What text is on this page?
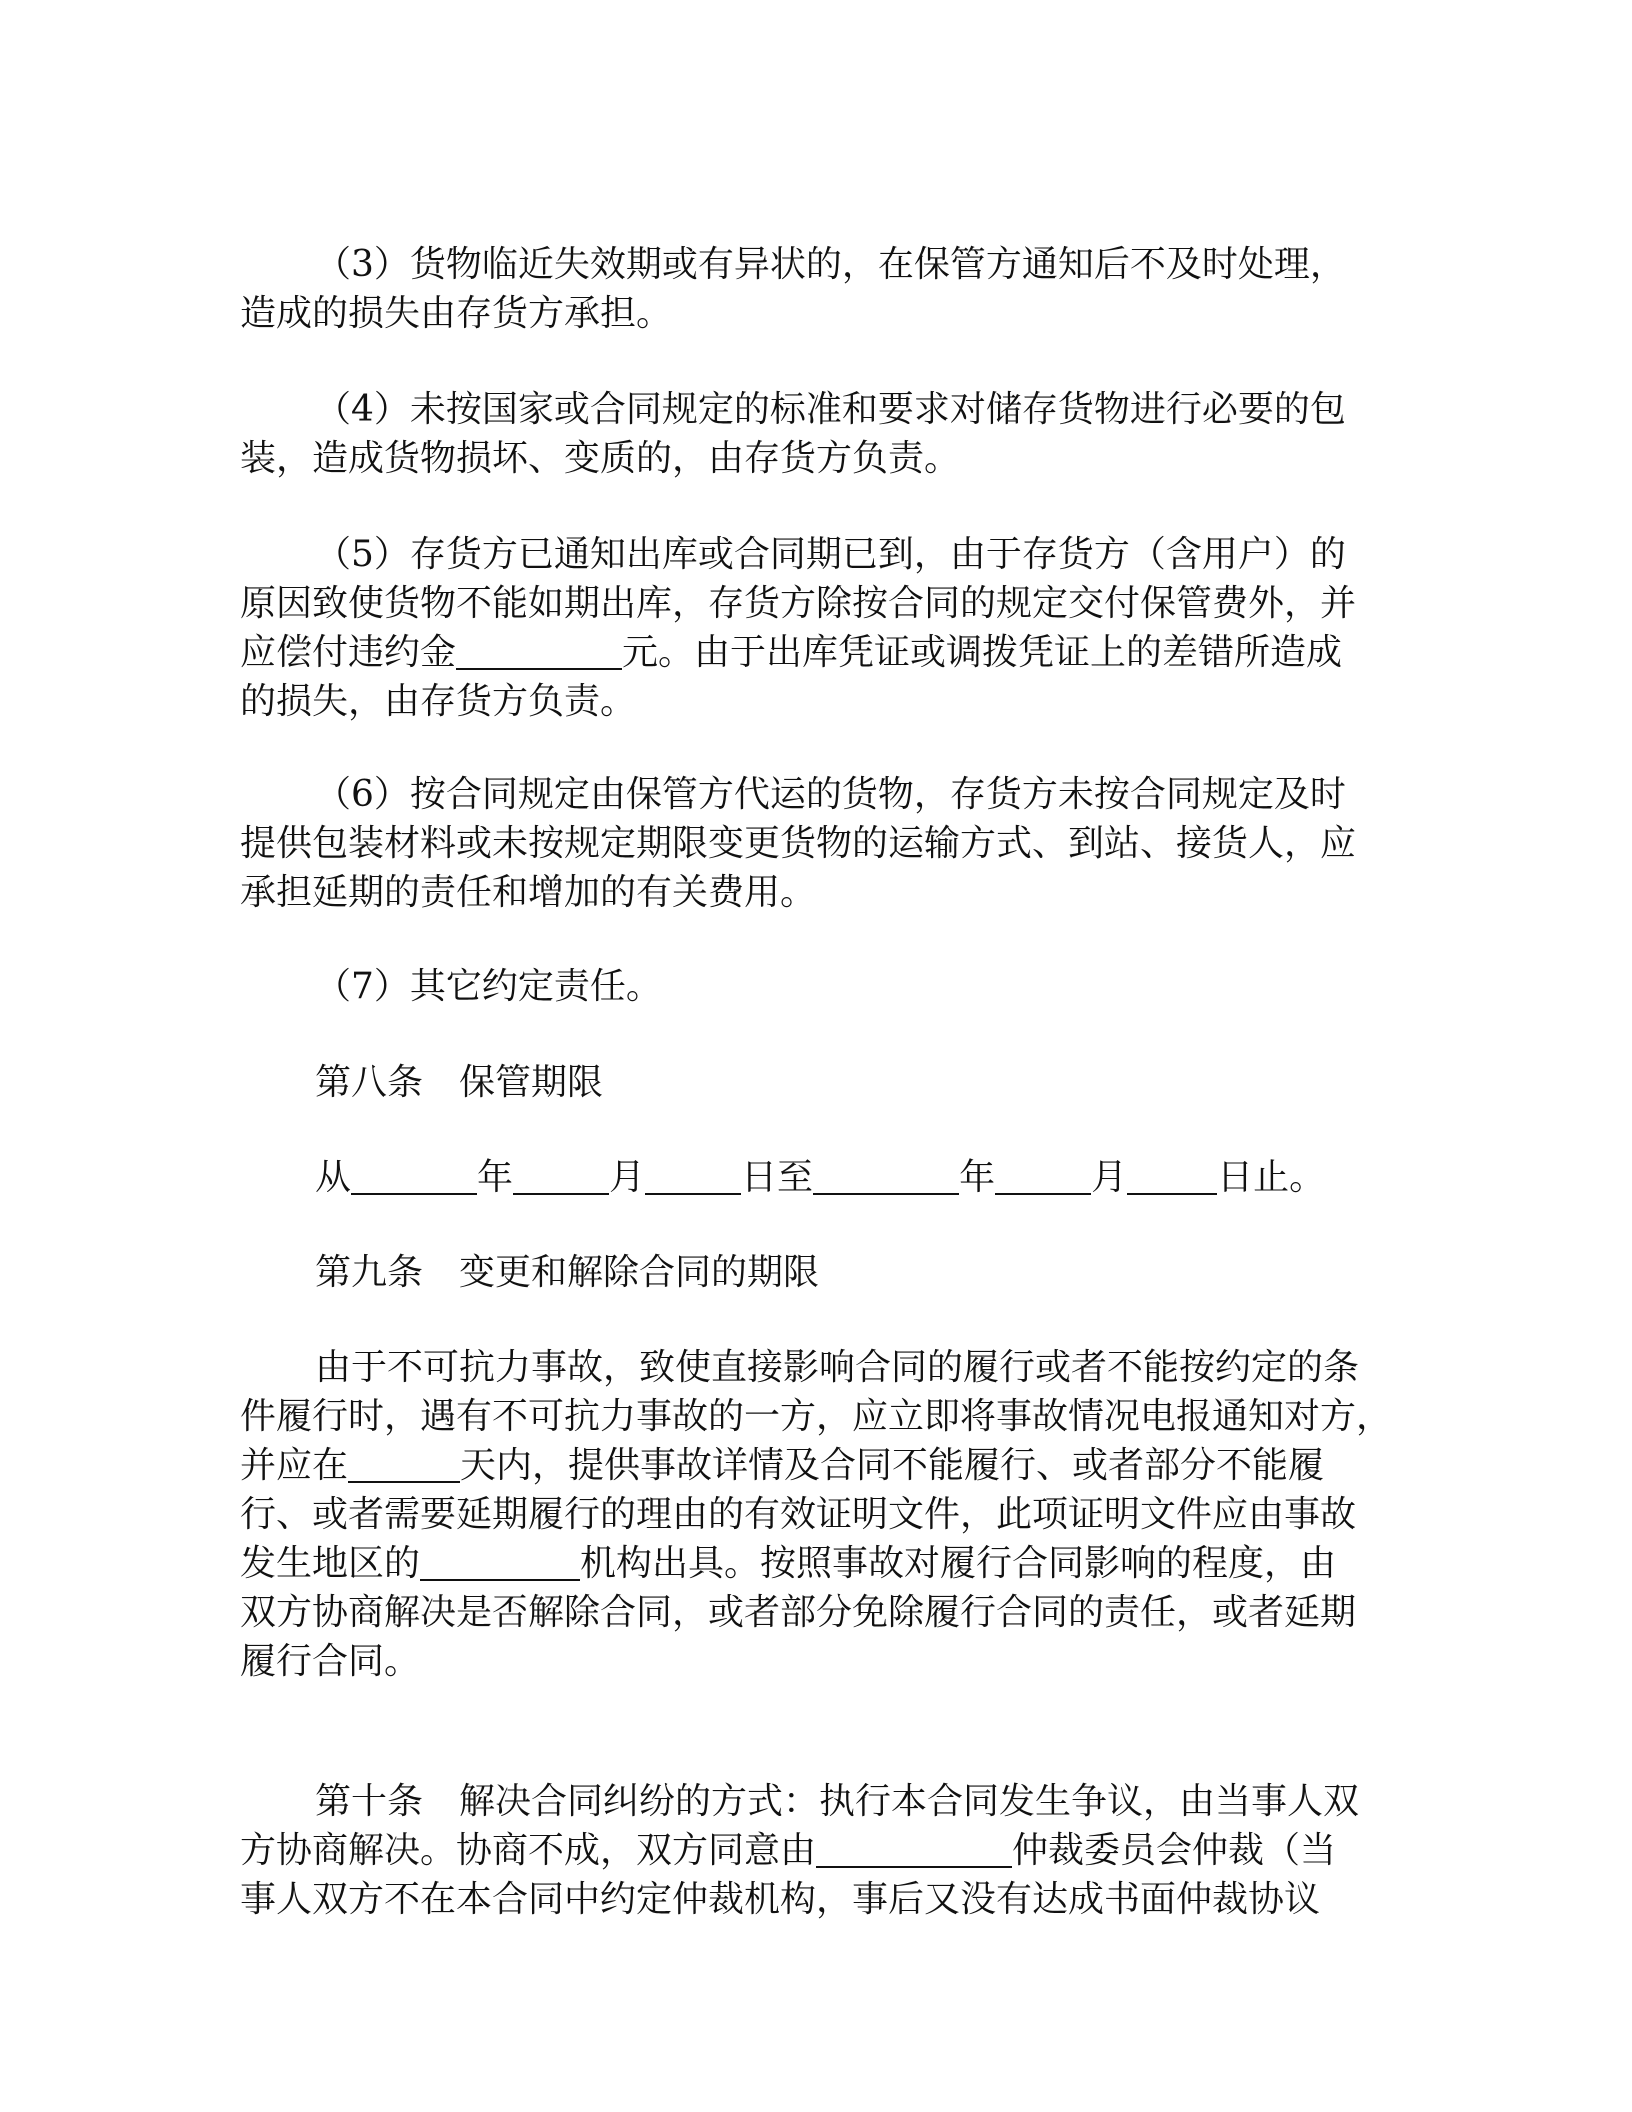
（3）货物临近失效期或有异状的，在保管方通知后不及时处理，
造成的损失由存货方承担。
（4）未按国家或合同规定的标准和要求对储存货物进行必要的包
装，造成货物损坏、变质的，由存货方负责。
（5）存货方已通知出库或合同期已到，由于存货方（含用户）的
原因致使货物不能如期出库，存货方除按合同的规定交付保管费外，并
应偿付违约金	元。由于出库凭证或调拨凭证上的差错所造成
的损失，由存货方负责。
（6）按合同规定由保管方代运的货物，存货方未按合同规定及时
提供包装材料或未按规定期限变更货物的运输方式、到站、接货人，应
承担延期的责任和增加的有关费用。
（7）其它约定责任。
第八条 保管期限
从	年	月	日至	年	月	日止。
第九条 变更和解除合同的期限
由于不可抗力事故，致使直接影响合同的履行或者不能按约定的条
件履行时，遇有不可抗力事故的一方，应立即将事故情况电报通知对方，
并应在	天内，提供事故详情及合同不能履行、或者部分不能履
行、或者需要延期履行的理由的有效证明文件，此项证明文件应由事故
发生地区的	机构出具。按照事故对履行合同影响的程度，由
双方协商解决是否解除合同，或者部分免除履行合同的责任，或者延期
履行合同。
第十条 解决合同纠纷的方式：执行本合同发生争议，由当事人双
方协商解决。协商不成，双方同意由	仲裁委员会仲裁（当
事人双方不在本合同中约定仲裁机构，事后又没有达成书面仲裁协议
